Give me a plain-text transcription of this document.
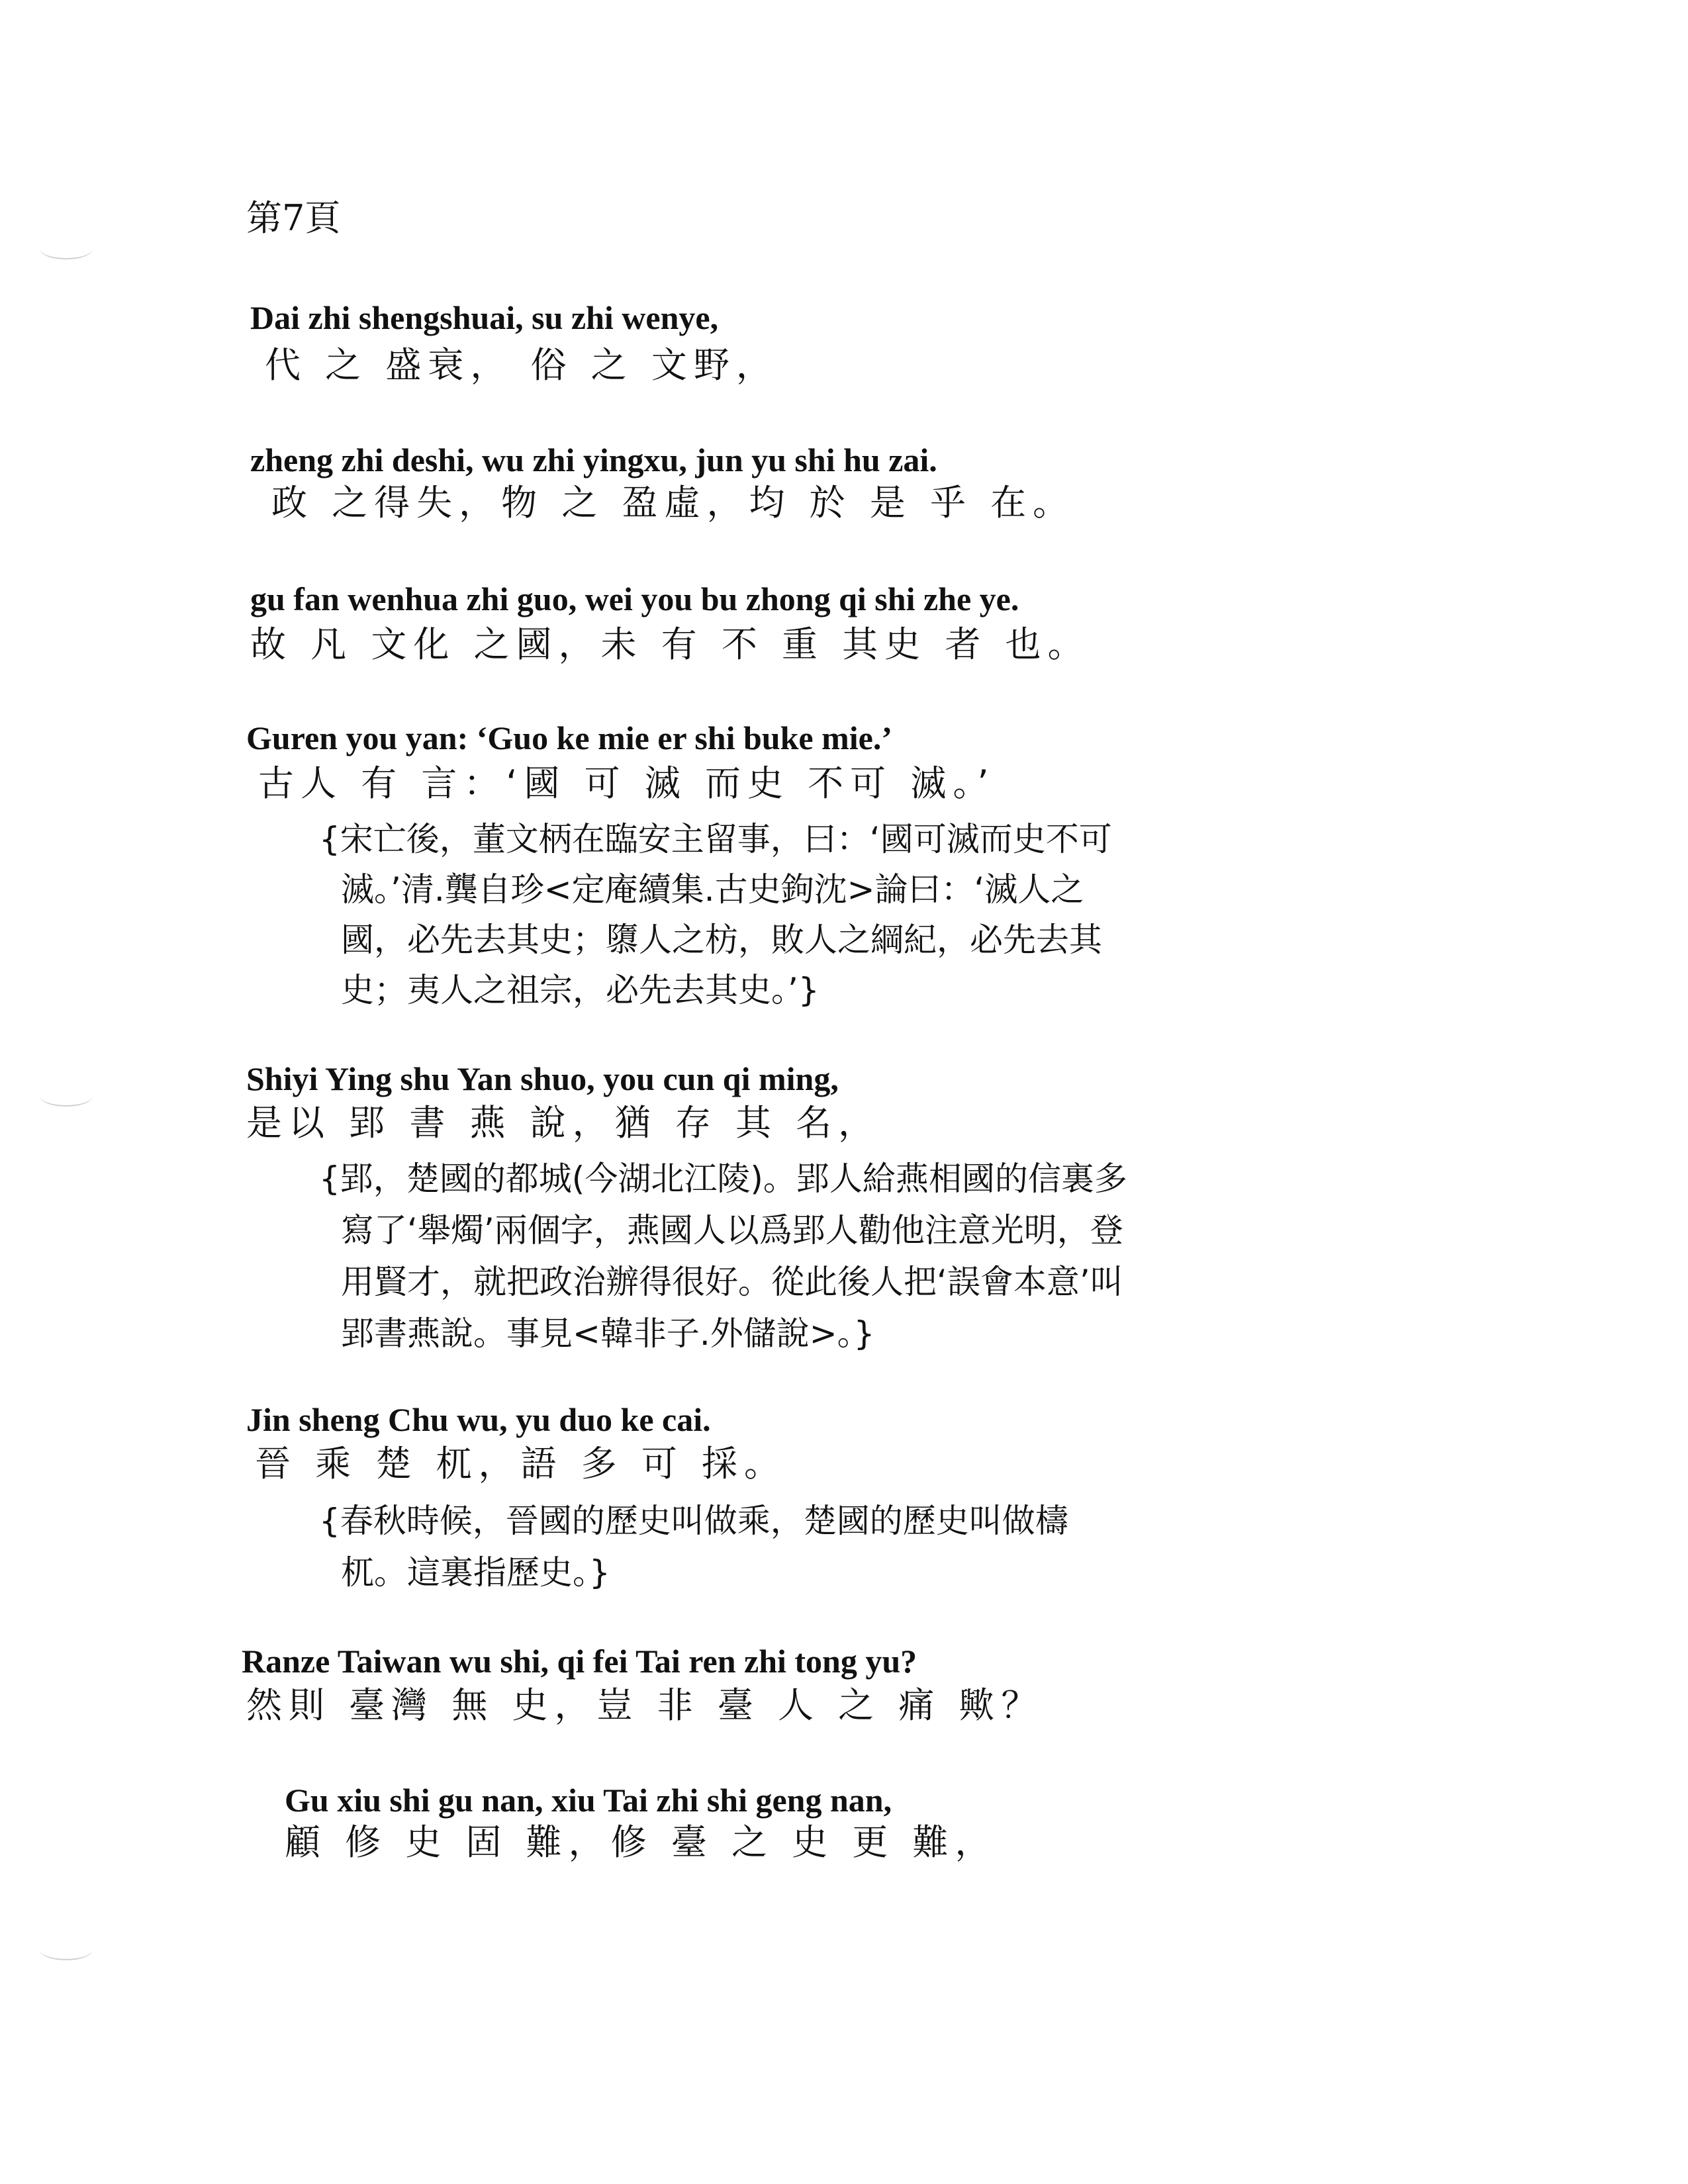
第7頁
Dai zhi shengshuai, su zhi wenye,
代 之 盛衰， 俗 之 文野，
zheng zhi deshi, wu zhi yingxu, jun yu shi hu zai.
政 之得失，物 之 盈虛，均 於 是 乎 在。
gu fan wenhua zhi guo, wei you bu zhong qi shi zhe ye.
故 凡 文化 之國，未 有 不 重 其史 者 也。
Guren you yan: ‘Guo ke mie er shi buke mie.’
古人 有 言：‘國 可 滅 而史 不可 滅。’
{宋亡後，董文柄在臨安主留事，曰：‘國可滅而史不可
滅。’清.龔自珍<定庵續集.古史鉤沈>論曰：‘滅人之
國，必先去其史；隳人之枋，敗人之綱紀，必先去其
史；夷人之祖宗，必先去其史。’}
Shiyi Ying shu Yan shuo, you cun qi ming,
是以 郢 書 燕 說，猶 存 其 名，
{郢，楚國的都城(今湖北江陵)。郢人給燕相國的信裏多
寫了‘舉燭’兩個字，燕國人以爲郢人勸他注意光明，登
用賢才，就把政治辦得很好。從此後人把‘誤會本意’叫
郢書燕說。事見<韓非子.外儲說>。}
Jin sheng Chu wu, yu duo ke cai.
晉 乘 楚 杌，語 多 可 採。
{春秋時候，晉國的歷史叫做乘，楚國的歷史叫做檮
杌。這裏指歷史。}
Ranze Taiwan wu shi, qi fei Tai ren zhi tong yu?
然則 臺灣 無 史，豈 非 臺 人 之 痛 歟？
Gu xiu shi gu nan, xiu Tai zhi shi geng nan,
顧 修 史 固 難，修 臺 之 史 更 難，
